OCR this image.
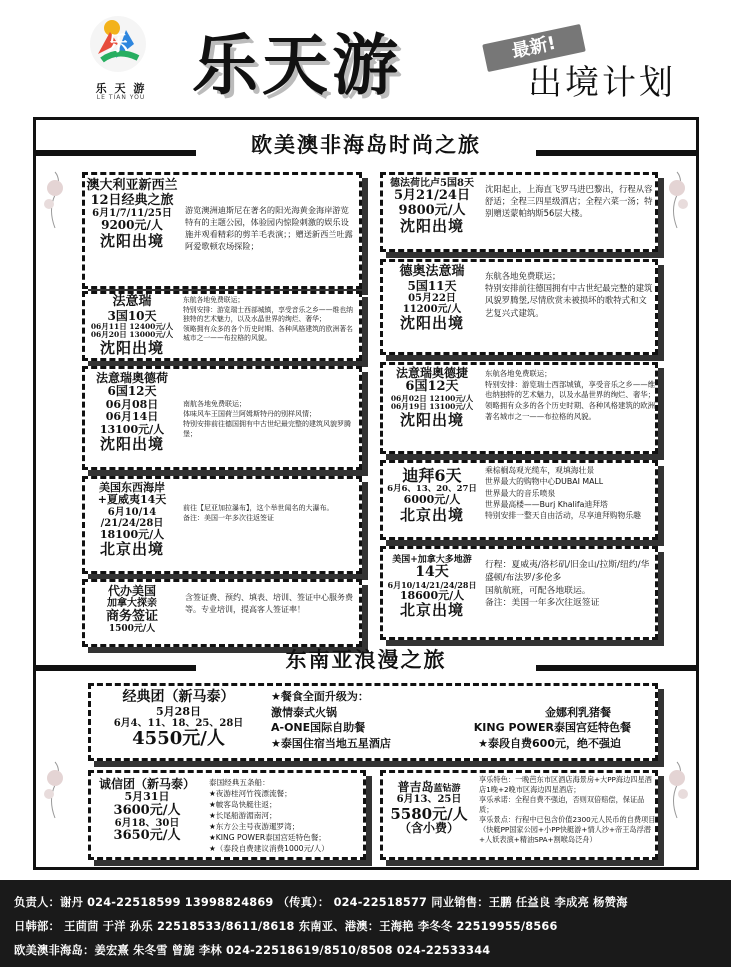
乐
乐 天 游
LE TIAN YOU 乐天游	最新!
出境计划
欧美澳非海岛时尚之旅
澳大利亚新西兰
12日经典之旅
6月1/7/11/25日
9200元/人
沈阳出境
游览澳洲迪斯尼在著名的阳光海黄金海岸游览特有的主题公园，体验园内惊险刺激的娱乐设施并观看精彩的剪羊毛表演；；赠送新西兰吐露阿爱歌顿农场探险；
法意瑞
3国10天
06月11日 12400元/人
06月20日 13000元/人
沈阳出境
东航各地免费联运；
特别安排：游览瑞士西部城镇，享受音乐之乡——维也纳独特的艺术魅力，以及水晶世界的绚烂、奢华；
领略拥有众多的各个历史时期、各种风格建筑的欧洲著名城市之一——布拉格的风貌。
法意瑞奥德荷
6国12天
06月08日
06月14日
13100元/人
沈阳出境
南航各地免费联运；
体味风车王国荷兰阿姆斯特丹的别样风情；
特别安排前往德国拥有中古世纪最完整的建筑风貌罗腾堡；
美国东西海岸
+夏威夷14天
6月10/14
/21/24/28日
18100元/人
北京出境
前往【尼亚加拉瀑布】，这个举世闻名的大瀑布。
备注：美国一年多次往返签证
代办美国
加拿大探亲
商务签证
1500元/人
含签证费、预约、填表、培训、签证中心服务费等。专业培训，提高客人签证率！
德法荷比卢5国8天
5月21/24日
9800元/人
沈阳出境
沈阳起止，上海直飞罗马进巴黎出，行程从容舒适；全程三四星级酒店；全程六菜一汤；特别赠送蒙帕纳斯56层大楼。
德奥法意瑞
5国11天
05月22日
11200元/人
沈阳出境
东航各地免费联运；
特别安排前往德国拥有中古世纪最完整的建筑风貌罗腾堡,尽情欣赏未被损坏的歌特式和文艺复兴式建筑。
法意瑞奥德捷
6国12天
06月02日 12100元/人
06月19日 13100元/人
沈阳出境
东航各地免费联运；
特别安排：游览瑞士西部城镇，享受音乐之乡——维也纳独特的艺术魅力，以及水晶世界的绚烂、奢华；
领略拥有众多的各个历史时期、各种风格建筑的欧洲著名城市之一——布拉格的风貌。
迪拜6天
6月6、13、20、27日
6000元/人
北京出境
乘棕榈岛观光缆车，观填海壮景
世界最大的购物中心DUBAI MALL
世界最大的音乐喷泉
世界最高楼——Burj Khalifa迪拜塔
特别安排一整天自由活动，尽享迪拜购物乐趣
美国+加拿大多地游
14天
6月10/14/21/24/28日
18600元/人
北京出境
行程：夏威夷/洛杉矶/旧金山/拉斯/纽约/华盛顿/布法罗/多伦多
国航航班，可配各地联运。
备注：美国一年多次往返签证
东南亚浪漫之旅
经典团（新马泰）
5月28日
6月4、11、18、25、28日
4550元/人
★餐食全面升级为：
激情泰式火锅	金娜利乳猪餐
A-ONE国际自助餐	KING POWER泰国宫廷特色餐
★泰国住宿当地五星酒店	★泰段自费600元，绝不强迫
诚信团（新马泰）
5月31日
3600元/人
6月18、30日
3650元/人
泰国经典五条船：
★夜游桂河竹筏漂流餐；
★帔客岛快艇往返；
★长尾船游湄南河；
★东方公主号夜游暹罗湾；
★KING POWER泰国宫廷特色餐；
★（泰段自费建议消费1000元/人）
普吉岛蓝钻游
6月13、25日
5580元/人
（含小费）
享乐特色：一晚芭东市区酒店海景房+大PP海边四星酒店1晚+2晚市区海边四星酒店；
享乐承诺：全程自费不强迫，否则双倍赔偿，保证品质；
享乐景点：行程中已包含价值2300元人民币的自费项目
（快艇PP国家公园+小PP快艇游+情人沙+帝王岛浮潜+人妖表演+精油SPA+割喉岛泛舟）
负责人：谢丹 024-22518599 13998824869 （传真）： 024-22518577 同业销售：王鹏 任益良 李成亮 杨赞海
日韩部： 王茴茴 于洋 孙乐 22518533/8611/8618 东南亚、港澳：王海艳 李冬冬 22519955/8566
欧美澳非海岛：姜宏熹 朱冬雪 曾旎 李林 024-22518619/8510/8508 024-22533344
